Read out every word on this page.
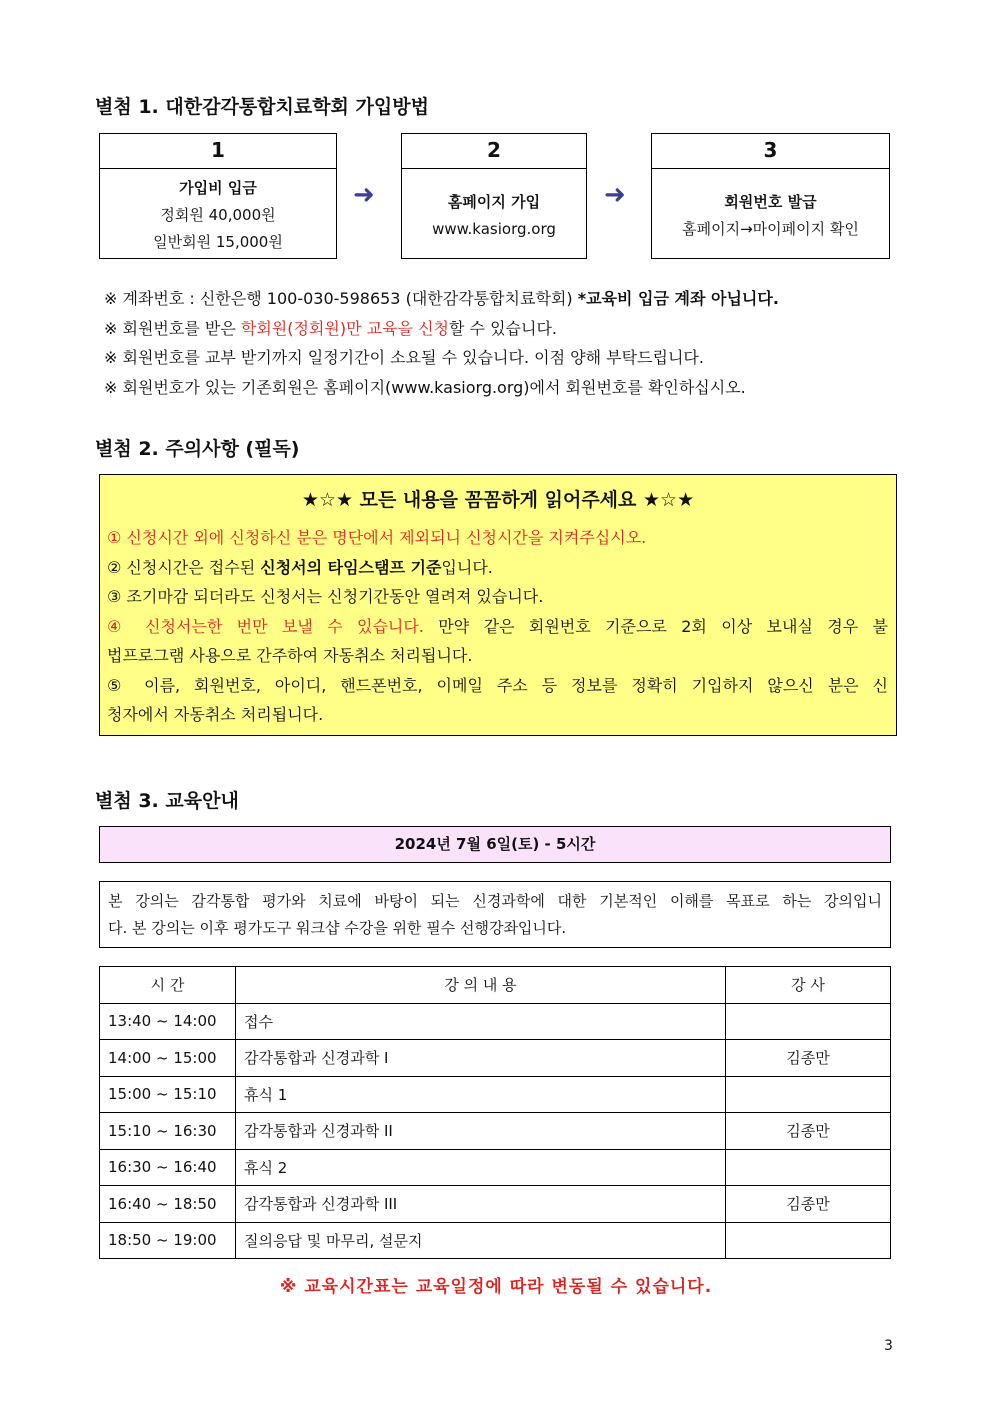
별첨 1. 대한감각통합치료학회 가입방법
1
가입비 입금
정회원 40,000원
일반회원 15,000원
➜
2
홈페이지 가입
www.kasiorg.org
➜
3
회원번호 발급
홈페이지→마이페이지 확인
※ 계좌번호 : 신한은행 100-030-598653 (대한감각통합치료학회) *교육비 입금 계좌 아닙니다.
※ 회원번호를 받은 학회원(정회원)만 교육을 신청할 수 있습니다.
※ 회원번호를 교부 받기까지 일정기간이 소요될 수 있습니다. 이점 양해 부탁드립니다.
※ 회원번호가 있는 기존회원은 홈페이지(www.kasiorg.org)에서 회원번호를 확인하십시오.
별첨 2. 주의사항 (필독)
★☆★ 모든 내용을 꼼꼼하게 읽어주세요 ★☆★
① 신청시간 외에 신청하신 분은 명단에서 제외되니 신청시간을 지켜주십시오.
② 신청시간은 접수된 신청서의 타임스탬프 기준입니다.
③ 조기마감 되더라도 신청서는 신청기간동안 열려져 있습니다.
④ 신청서는한 번만 보낼 수 있습니다. 만약 같은 회원번호 기준으로 2회 이상 보내실 경우 불
법프로그램 사용으로 간주하여 자동취소 처리됩니다.
⑤ 이름, 회원번호, 아이디, 핸드폰번호, 이메일 주소 등 정보를 정확히 기입하지 않으신 분은 신
청자에서 자동취소 처리됩니다.
별첨 3. 교육안내
2024년 7월 6일(토) - 5시간
본 강의는 감각통합 평가와 치료에 바탕이 되는 신경과학에 대한 기본적인 이해를 목표로 하는 강의입니
다. 본 강의는 이후 평가도구 워크샵 수강을 위한 필수 선행강좌입니다.
시 간	강 의 내 용	강 사
13:40 ~ 14:00	접수	
14:00 ~ 15:00	감각통합과 신경과학 I	김종만
15:00 ~ 15:10	휴식 1	
15:10 ~ 16:30	감각통합과 신경과학 II	김종만
16:30 ~ 16:40	휴식 2	
16:40 ~ 18:50	감각통합과 신경과학 III	김종만
18:50 ~ 19:00	질의응답 및 마무리, 설문지	
※ 교육시간표는 교육일정에 따라 변동될 수 있습니다.
3
